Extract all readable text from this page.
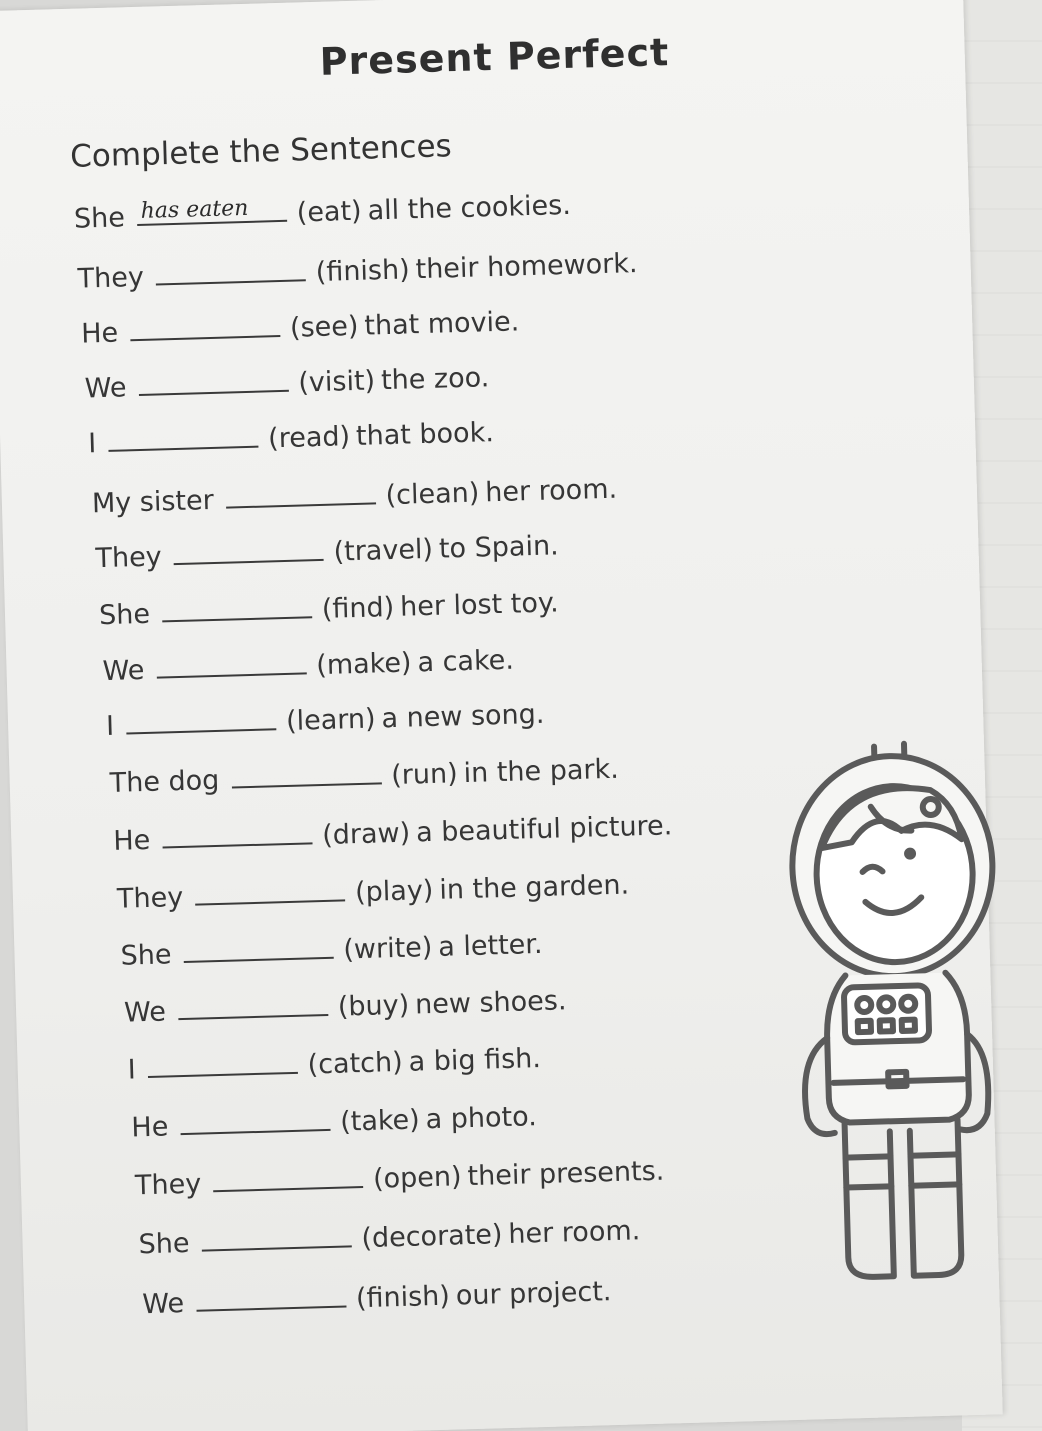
Present Perfect
Complete the Sentences
She has eaten (eat) all the cookies.
They	(finish) their homework.
He	(see) that movie.
We	(visit) the zoo.
I	(read) that book.
My sister	(clean) her room.
They	(travel) to Spain.
She	(find) her lost toy.
We	(make) a cake.
I	(learn) a new song.
The dog	(run) in the park.
He	(draw) a beautiful picture.
They	(play) in the garden.
She	(write) a letter.
We	(buy) new shoes.
I	(catch) a big fish.
He	(take) a photo.
They	(open) their presents.
She	(decorate) her room.
We	(finish) our project.
